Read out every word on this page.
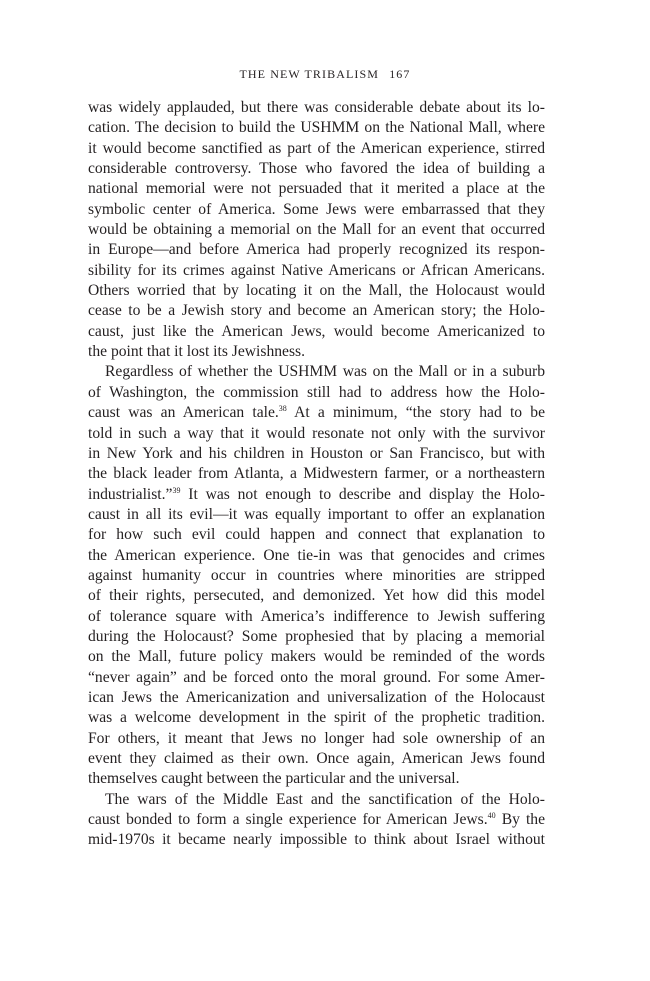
THE NEW TRIBALISM 167
was widely applauded, but there was considerable debate about its lo-
cation. The decision to build the USHMM on the National Mall, where
it would become sanctified as part of the American experience, stirred
considerable controversy. Those who favored the idea of building a
national memorial were not persuaded that it merited a place at the
symbolic center of America. Some Jews were embarrassed that they
would be obtaining a memorial on the Mall for an event that occurred
in Europe—and before America had properly recognized its respon-
sibility for its crimes against Native Americans or African Americans.
Others worried that by locating it on the Mall, the Holocaust would
cease to be a Jewish story and become an American story; the Holo-
caust, just like the American Jews, would become Americanized to
the point that it lost its Jewishness.
Regardless of whether the USHMM was on the Mall or in a suburb
of Washington, the commission still had to address how the Holo-
caust was an American tale.$^{38}$ At a minimum, “the story had to be
told in such a way that it would resonate not only with the survivor
in New York and his children in Houston or San Francisco, but with
the black leader from Atlanta, a Midwestern farmer, or a northeastern
industrialist.”$^{39}$ It was not enough to describe and display the Holo-
caust in all its evil—it was equally important to offer an explanation
for how such evil could happen and connect that explanation to
the American experience. One tie-in was that genocides and crimes
against humanity occur in countries where minorities are stripped
of their rights, persecuted, and demonized. Yet how did this model
of tolerance square with America’s indifference to Jewish suffering
during the Holocaust? Some prophesied that by placing a memorial
on the Mall, future policy makers would be reminded of the words
“never again” and be forced onto the moral ground. For some Amer-
ican Jews the Americanization and universalization of the Holocaust
was a welcome development in the spirit of the prophetic tradition.
For others, it meant that Jews no longer had sole ownership of an
event they claimed as their own. Once again, American Jews found
themselves caught between the particular and the universal.
The wars of the Middle East and the sanctification of the Holo-
caust bonded to form a single experience for American Jews.$^{40}$ By the
mid-1970s it became nearly impossible to think about Israel without
